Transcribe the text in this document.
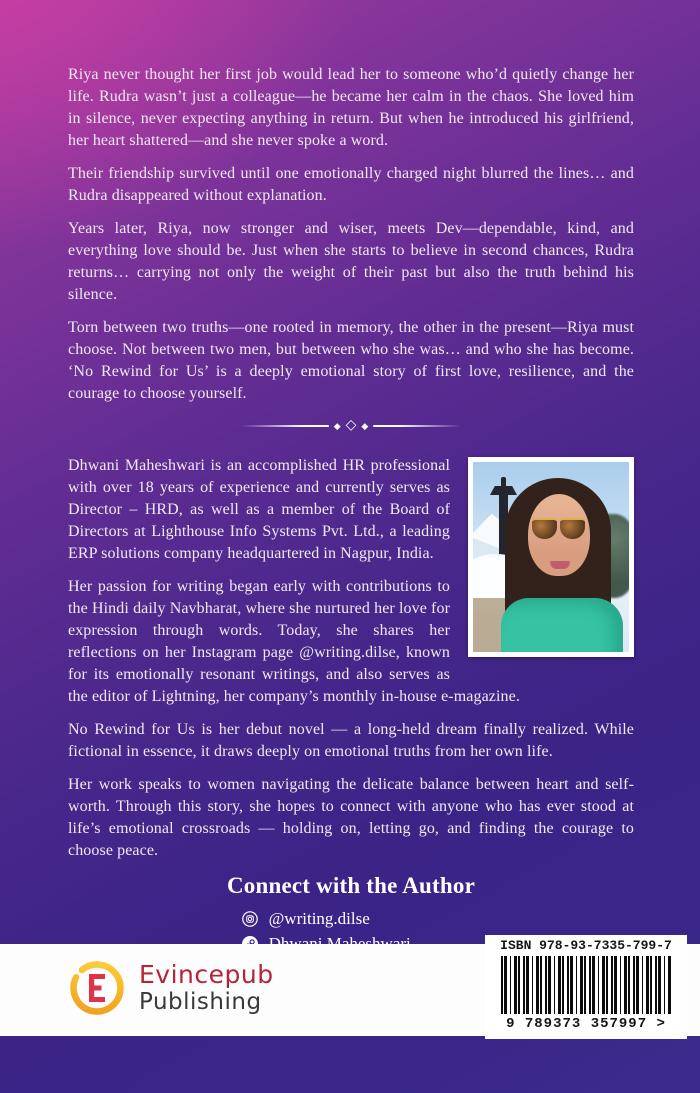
Riya never thought her first job would lead her to someone who’d quietly change her life. Rudra wasn’t just a colleague—he became her calm in the chaos. She loved him in silence, never expecting anything in return. But when he introduced his girlfriend, her heart shattered—and she never spoke a word.

Their friendship survived until one emotionally charged night blurred the lines… and Rudra disappeared without explanation.

Years later, Riya, now stronger and wiser, meets Dev—dependable, kind, and everything love should be. Just when she starts to believe in second chances, Rudra returns… carrying not only the weight of their past but also the truth behind his silence.

Torn between two truths—one rooted in memory, the other in the present—Riya must choose. Not between two men, but between who she was… and who she has become. ‘No Rewind for Us’ is a deeply emotional story of first love, resilience, and the courage to choose yourself.

◆ ◇ ◆

Dhwani Maheshwari is an accomplished HR professional with over 18 years of experience and currently serves as Director – HRD, as well as a member of the Board of Directors at Lighthouse Info Systems Pvt. Ltd., a leading ERP solutions company headquartered in Nagpur, India.

Her passion for writing began early with contributions to the Hindi daily Navbharat, where she nurtured her love for expression through words. Today, she shares her reflections on her Instagram page @writing.dilse, known for its emotionally resonant writings, and also serves as the editor of Lightning, her company’s monthly in-house e-magazine.

No Rewind for Us is her debut novel — a long-held dream finally realized. While fictional in essence, it draws deeply on emotional truths from her own life.

Her work speaks to women navigating the delicate balance between heart and self-worth. Through this story, she hopes to connect with anyone who has ever stood at life’s emotional crossroads — holding on, letting go, and finding the courage to choose peace.

Connect with the Author
@writing.dilse
Evincepub
Publishing
ISBN 978-93-7335-799-7
9 789373 357997 >
